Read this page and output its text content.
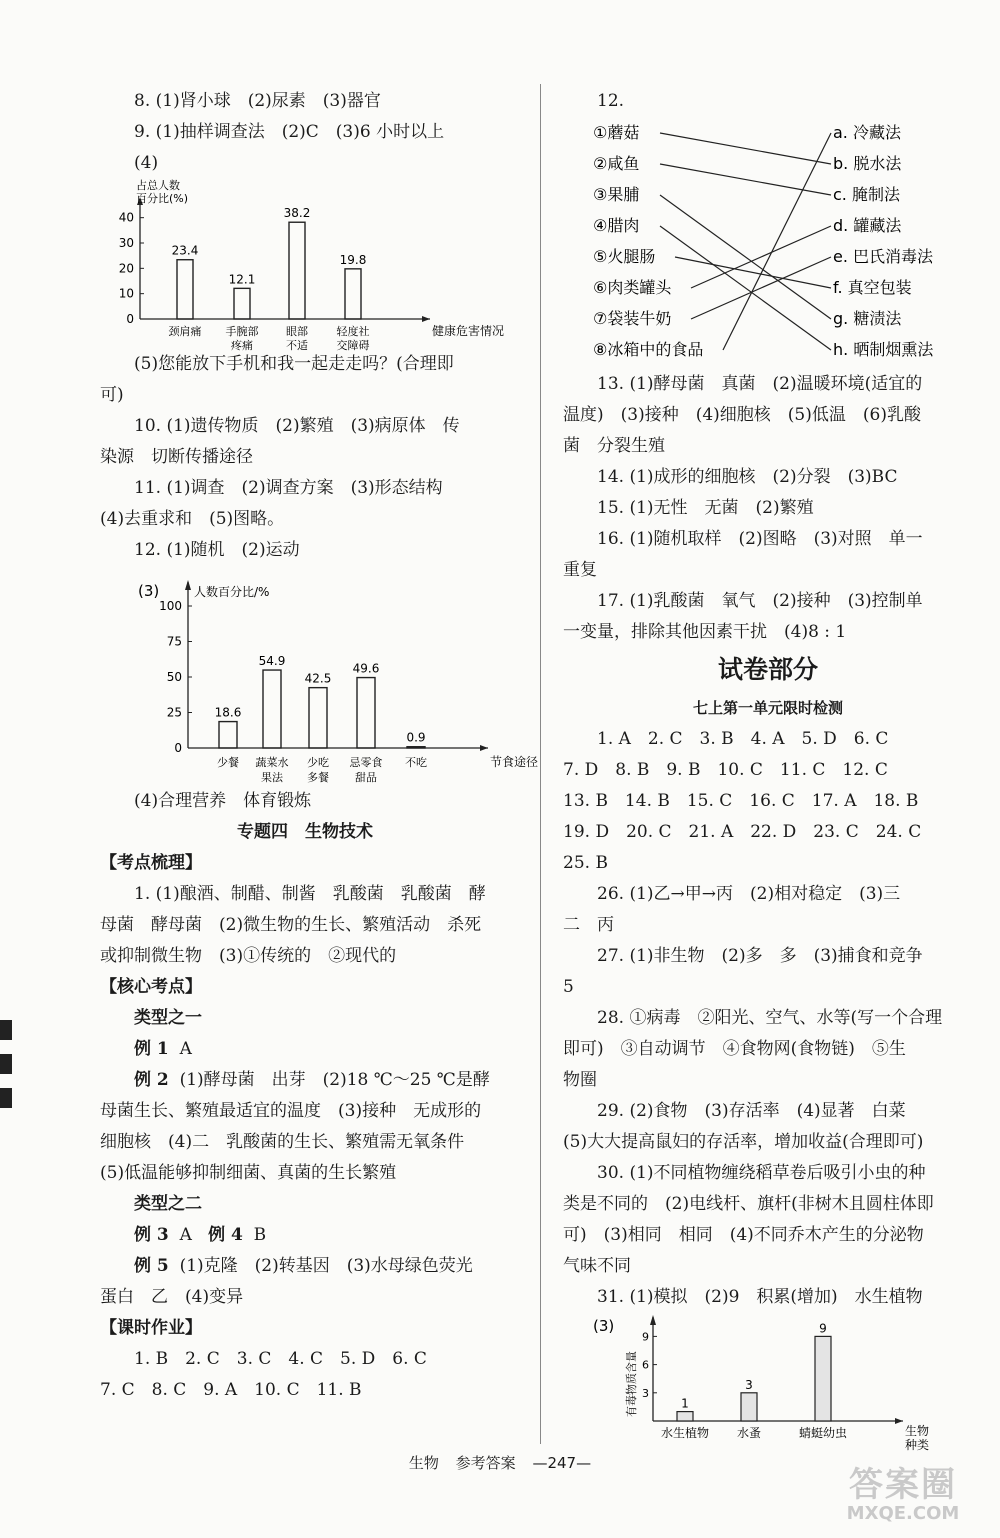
8. (1)肾小球　(2)尿素　(3)器官

9. (1)抽样调查法　(2)C　(3)6 小时以上

(4)

0
10
20
30
40
占总人数
百分比(%)
健康危害情况
23.4
颈肩痛
12.1
手腕部
疼痛
38.2
眼部
不适
19.8
轻度社
交障碍

(5)您能放下手机和我一起走走吗？(合理即

可)

10. (1)遗传物质　(2)繁殖　(3)病原体　传

染源　切断传播途径

11. (1)调查　(2)调查方案　(3)形态结构

(4)去重求和　(5)图略。

12. (1)随机　(2)运动

(3)
0
25
50
75
100
人数百分比/%
节食途径
18.6
少餐
54.9
蔬菜水
果法
42.5
少吃
多餐
49.6
忌零食
甜品
0.9
不吃

(4)合理营养　体育锻炼

专题四　生物技术

【考点梳理】

1. (1)酿酒、制醋、制酱　乳酸菌　乳酸菌　酵

母菌　酵母菌　(2)微生物的生长、繁殖活动　杀死

或抑制微生物　(3)①传统的　②现代的

【核心考点】

类型之一

例 1 A

例 2 (1)酵母菌　出芽　(2)18 ℃～25 ℃是酵

母菌生长、繁殖最适宜的温度　(3)接种　无成形的

细胞核　(4)二　乳酸菌的生长、繁殖需无氧条件

(5)低温能够抑制细菌、真菌的生长繁殖

类型之二

例 3 A 例 4 B

例 5 (1)克隆　(2)转基因　(3)水母绿色荧光

蛋白　乙　(4)变异

【课时作业】

1. B　2. C　3. C　4. C　5. D　6. C

7. C　8. C　9. A　10. C　11. B

12.

①蘑菇
②咸鱼
③果脯
④腊肉
⑤火腿肠
⑥肉类罐头
⑦袋装牛奶
⑧冰箱中的食品
a. 冷藏法
b. 脱水法
c. 腌制法
d. 罐藏法
e. 巴氏消毒法
f. 真空包装
g. 糖渍法
h. 晒制烟熏法

13. (1)酵母菌　真菌　(2)温暖环境(适宜的

温度)　(3)接种　(4)细胞核　(5)低温　(6)乳酸

菌　分裂生殖

14. (1)成形的细胞核　(2)分裂　(3)BC

15. (1)无性　无菌　(2)繁殖

16. (1)随机取样　(2)图略　(3)对照　单一

重复

17. (1)乳酸菌　氧气　(2)接种　(3)控制单

一变量，排除其他因素干扰　(4)8 : 1

试卷部分

七上第一单元限时检测

1. A　2. C　3. B　4. A　5. D　6. C

7. D　8. B　9. B　10. C　11. C　12. C

13. B　14. B　15. C　16. C　17. A　18. B

19. D　20. C　21. A　22. D　23. C　24. C

25. B

26. (1)乙→甲→丙　(2)相对稳定　(3)三

二　丙

27. (1)非生物　(2)多　多　(3)捕食和竞争

5

28. ①病毒　②阳光、空气、水等(写一个合理

即可)　③自动调节　④食物网(食物链)　⑤生

物圈

29. (2)食物　(3)存活率　(4)显著　白菜

(5)大大提高鼠妇的存活率，增加收益(合理即可)

30. (1)不同植物缠绕稻草卷后吸引小虫的种

类是不同的　(2)电线杆、旗杆(非树木且圆柱体即

可)　(3)相同　相同　(4)不同乔木产生的分泌物

气味不同

31. (1)模拟　(2)9　积累(增加)　水生植物

(3)
有毒物质含量 3
6
9
生物
种类
1
水生植物
3
水蚤
9
蜻蜓幼虫
生物 参考答案 —247—
答案圈
MXQE.COM
